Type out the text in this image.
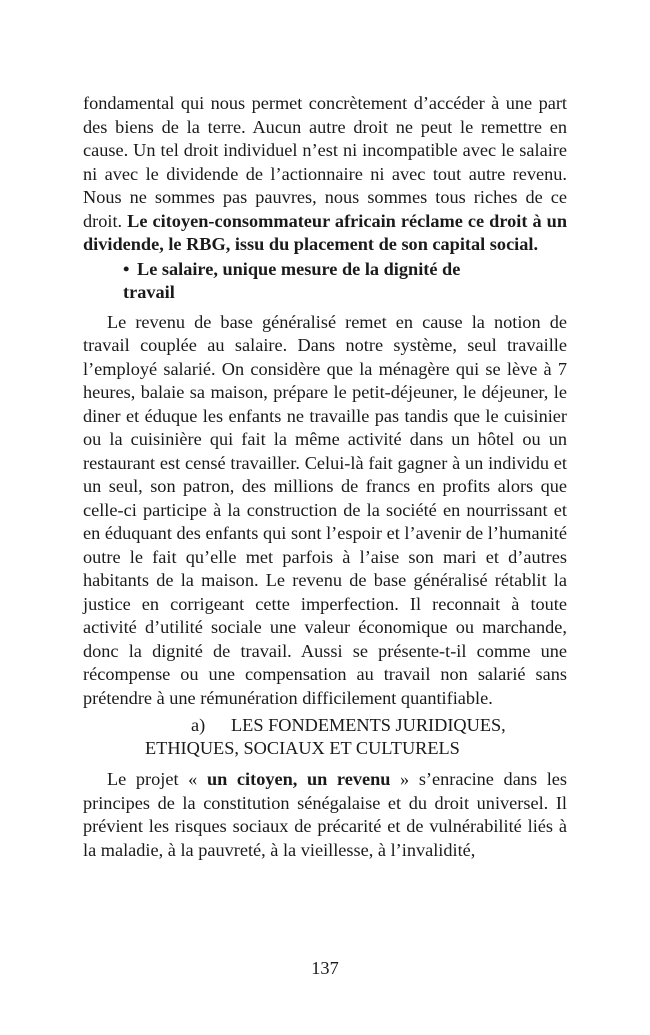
fondamental qui nous permet concrètement d’accéder à une part des biens de la terre. Aucun autre droit ne peut le remettre en cause. Un tel droit individuel n’est ni incompatible avec le salaire ni avec le dividende de l’actionnaire ni avec tout autre revenu. Nous ne sommes pas pauvres, nous sommes tous riches de ce droit. Le citoyen-consommateur africain réclame ce droit à un dividende, le RBG, issu du placement de son capital social.

• Le salaire, unique mesure de la dignité de travail

Le revenu de base généralisé remet en cause la notion de travail couplée au salaire. Dans notre système, seul travaille l’employé salarié. On considère que la ménagère qui se lève à 7 heures, balaie sa maison, prépare le petit-déjeuner, le déjeuner, le diner et éduque les enfants ne travaille pas tandis que le cuisinier ou la cuisinière qui fait la même activité dans un hôtel ou un restaurant est censé travailler. Celui-là fait gagner à un individu et un seul, son patron, des millions de francs en profits alors que celle-ci participe à la construction de la société en nourrissant et en éduquant des enfants qui sont l’espoir et l’avenir de l’humanité outre le fait qu’elle met parfois à l’aise son mari et d’autres habitants de la maison. Le revenu de base généralisé rétablit la justice en corrigeant cette imperfection. Il reconnait à toute activité d’utilité sociale une valeur économique ou marchande, donc la dignité de travail. Aussi se présente-t-il comme une récompense ou une compensation au travail non salarié sans prétendre à une rémunération difficilement quantifiable.

a) LES FONDEMENTS JURIDIQUES, ETHIQUES, SOCIAUX ET CULTURELS

Le projet « un citoyen, un revenu » s’enracine dans les principes de la constitution sénégalaise et du droit universel. Il prévient les risques sociaux de précarité et de vulnérabilité liés à la maladie, à la pauvreté, à la vieillesse, à l’invalidité,

137
